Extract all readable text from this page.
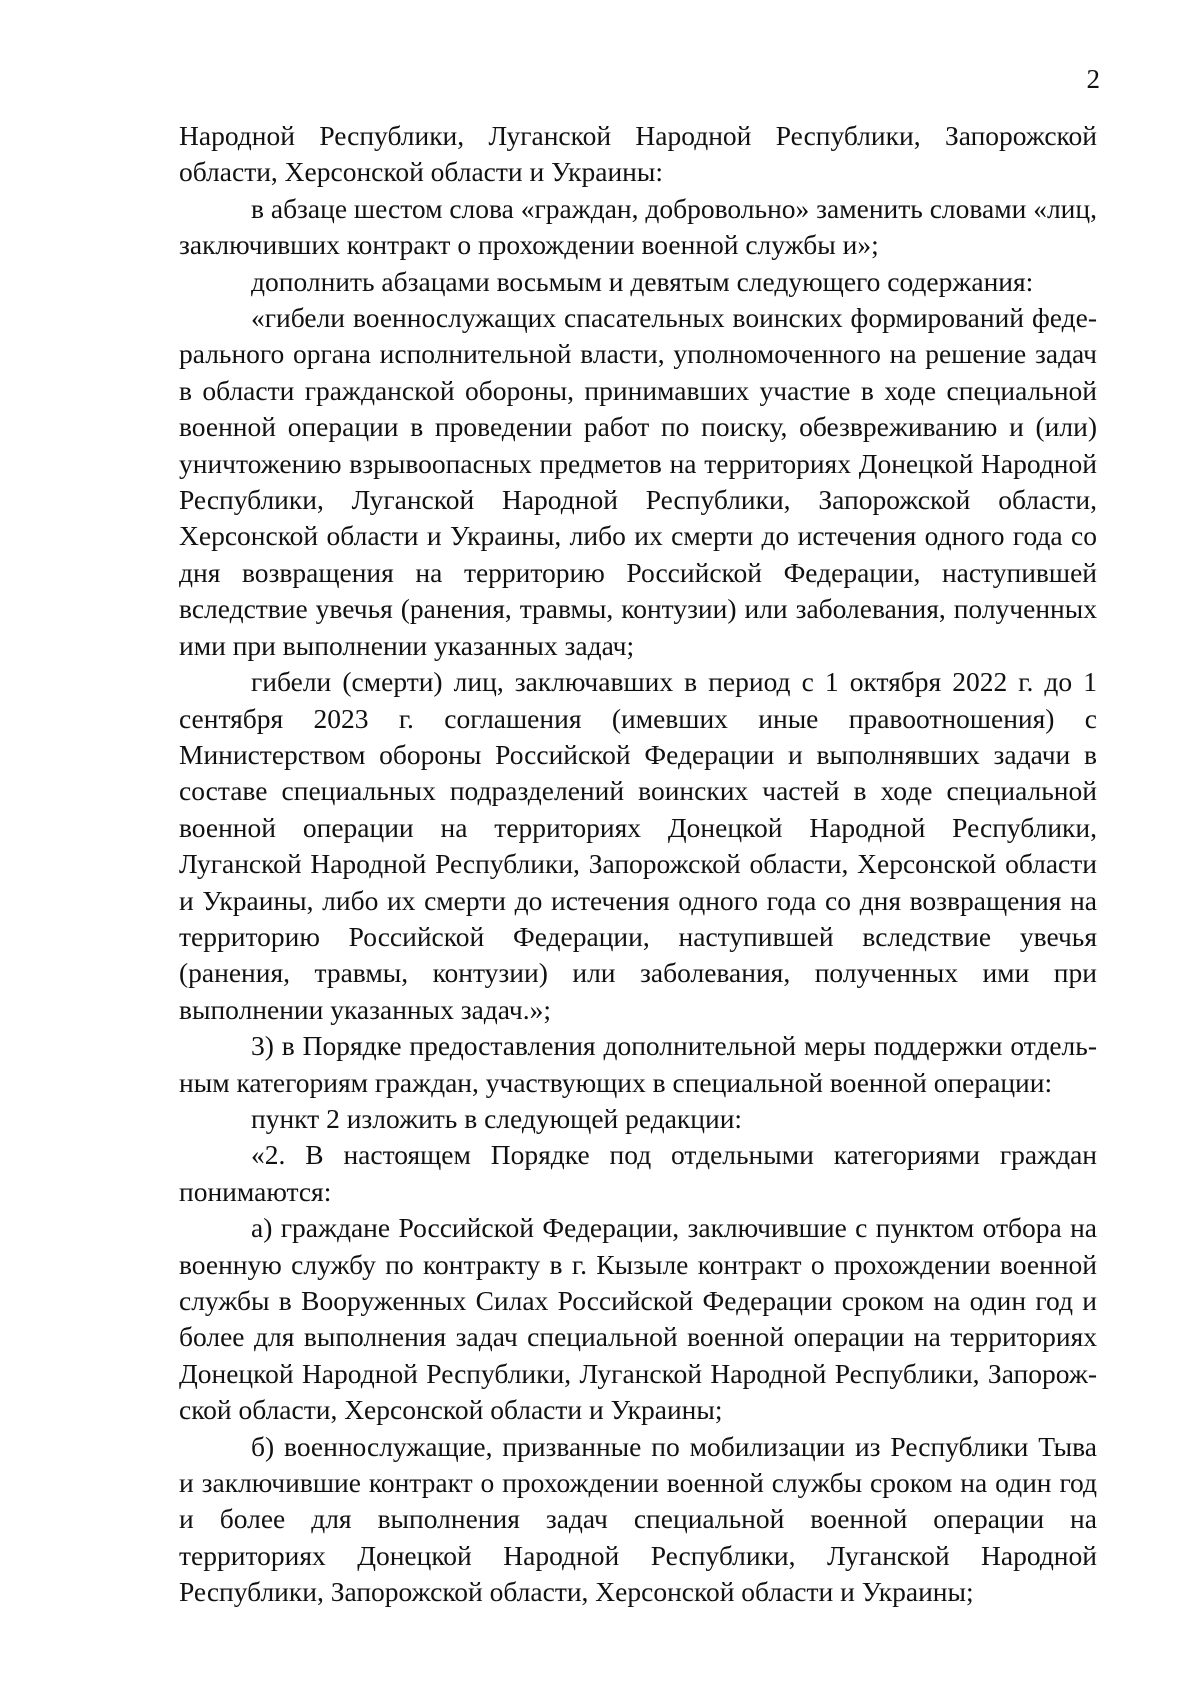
2

Народной Республики, Луганской Народной Республики, Запорожской области, Херсонской области и Украины:

в абзаце шестом слова «граждан, добровольно» заменить словами «лиц, заключивших контракт о прохождении военной службы и»;

дополнить абзацами восьмым и девятым следующего содержания:

«гибели военнослужащих спасательных воинских формирований федерального органа исполнительной власти, уполномоченного на решение задач в области гражданской обороны, принимавших участие в ходе специальной военной операции в проведении работ по поиску, обезвреживанию и (или) уничтожению взрывоопасных предметов на территориях Донецкой Народной Республики, Луганской Народной Республики, Запорожской области, Херсонской области и Украины, либо их смерти до истечения одного года со дня возвращения на территорию Российской Федерации, наступившей вследствие увечья (ранения, травмы, контузии) или заболевания, полученных ими при выполнении указанных задач;

гибели (смерти) лиц, заключавших в период с 1 октября 2022 г. до 1 сентября 2023 г. соглашения (имевших иные правоотношения) с Министерством обороны Российской Федерации и выполнявших задачи в составе специальных подразделений воинских частей в ходе специальной военной операции на территориях Донецкой Народной Республики, Луганской Народной Республики, Запорожской области, Херсонской области и Украины, либо их смерти до истечения одного года со дня возвращения на территорию Российской Федерации, наступившей вследствие увечья (ранения, травмы, контузии) или заболевания, полученных ими при выполнении указанных задач.»;

3) в Порядке предоставления дополнительной меры поддержки отдельным категориям граждан, участвующих в специальной военной операции:

пункт 2 изложить в следующей редакции:

«2. В настоящем Порядке под отдельными категориями граждан понимаются:

а) граждане Российской Федерации, заключившие с пунктом отбора на военную службу по контракту в г. Кызыле контракт о прохождении военной службы в Вооруженных Силах Российской Федерации сроком на один год и более для выполнения задач специальной военной операции на территориях Донецкой Народной Республики, Луганской Народной Республики, Запорожской области, Херсонской области и Украины;

б) военнослужащие, призванные по мобилизации из Республики Тыва и заключившие контракт о прохождении военной службы сроком на один год и более для выполнения задач специальной военной операции на территориях Донецкой Народной Республики, Луганской Народной Республики, Запорожской области, Херсонской области и Украины;
